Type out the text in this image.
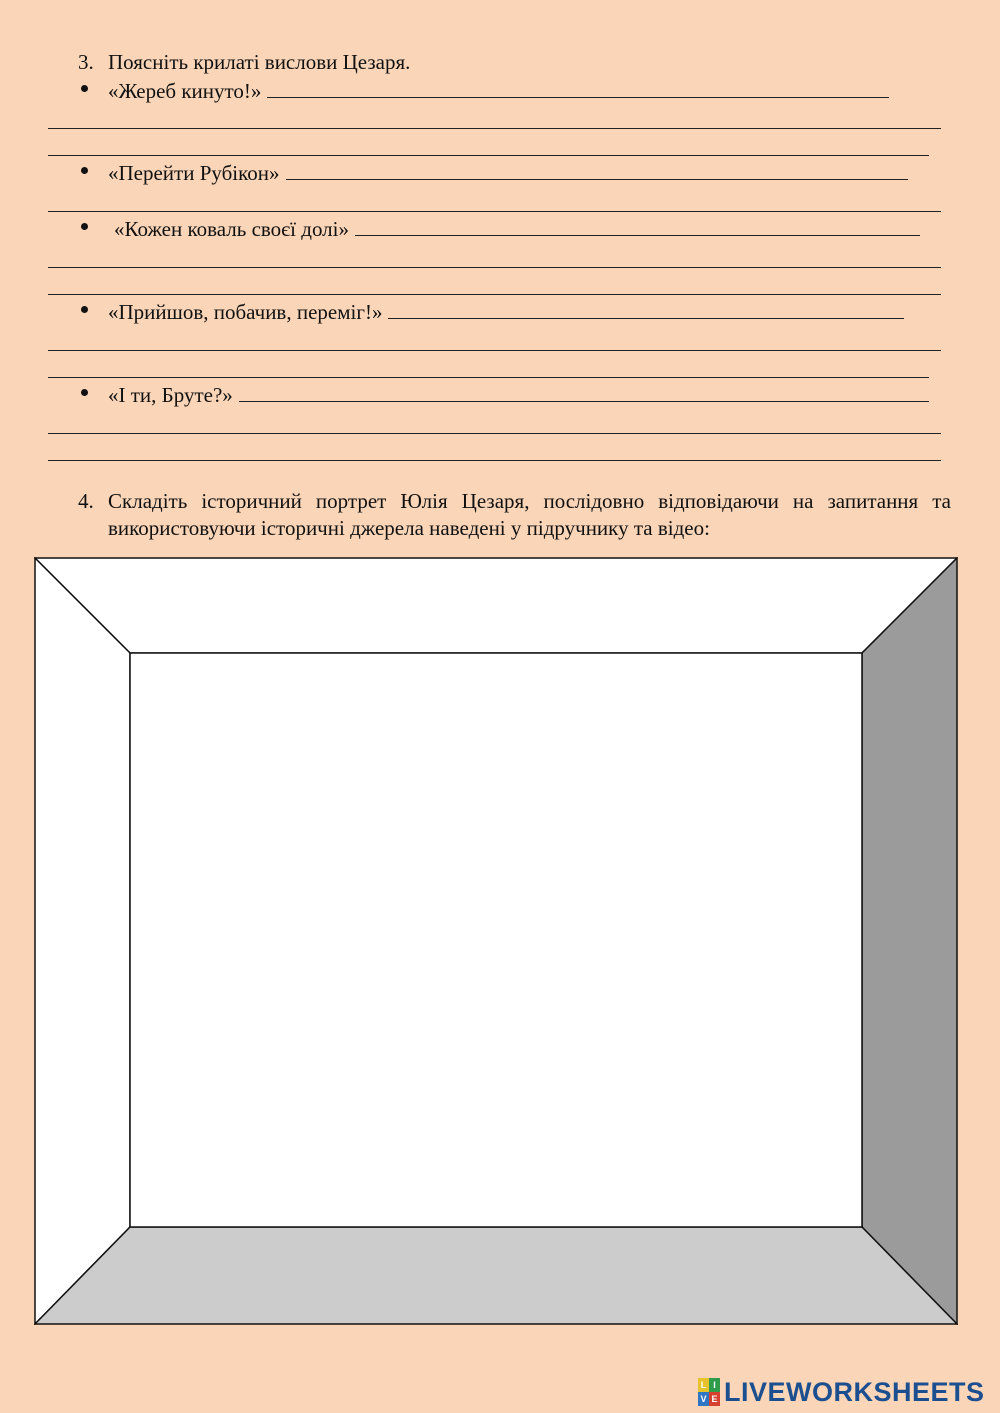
3. Поясніть крилаті вислови Цезаря.
«Жереб кинуто!»
«Перейти Рубікон»
«Кожен коваль своєї долі»
«Прийшов, побачив, переміг!»
«І ти, Бруте?»
4. Складіть історичний портрет Юлія Цезаря, послідовно відповідаючи на запитання та використовуючи історичні джерела наведені у підручнику та відео:
L I
V E LIVEWORKSHEETS
